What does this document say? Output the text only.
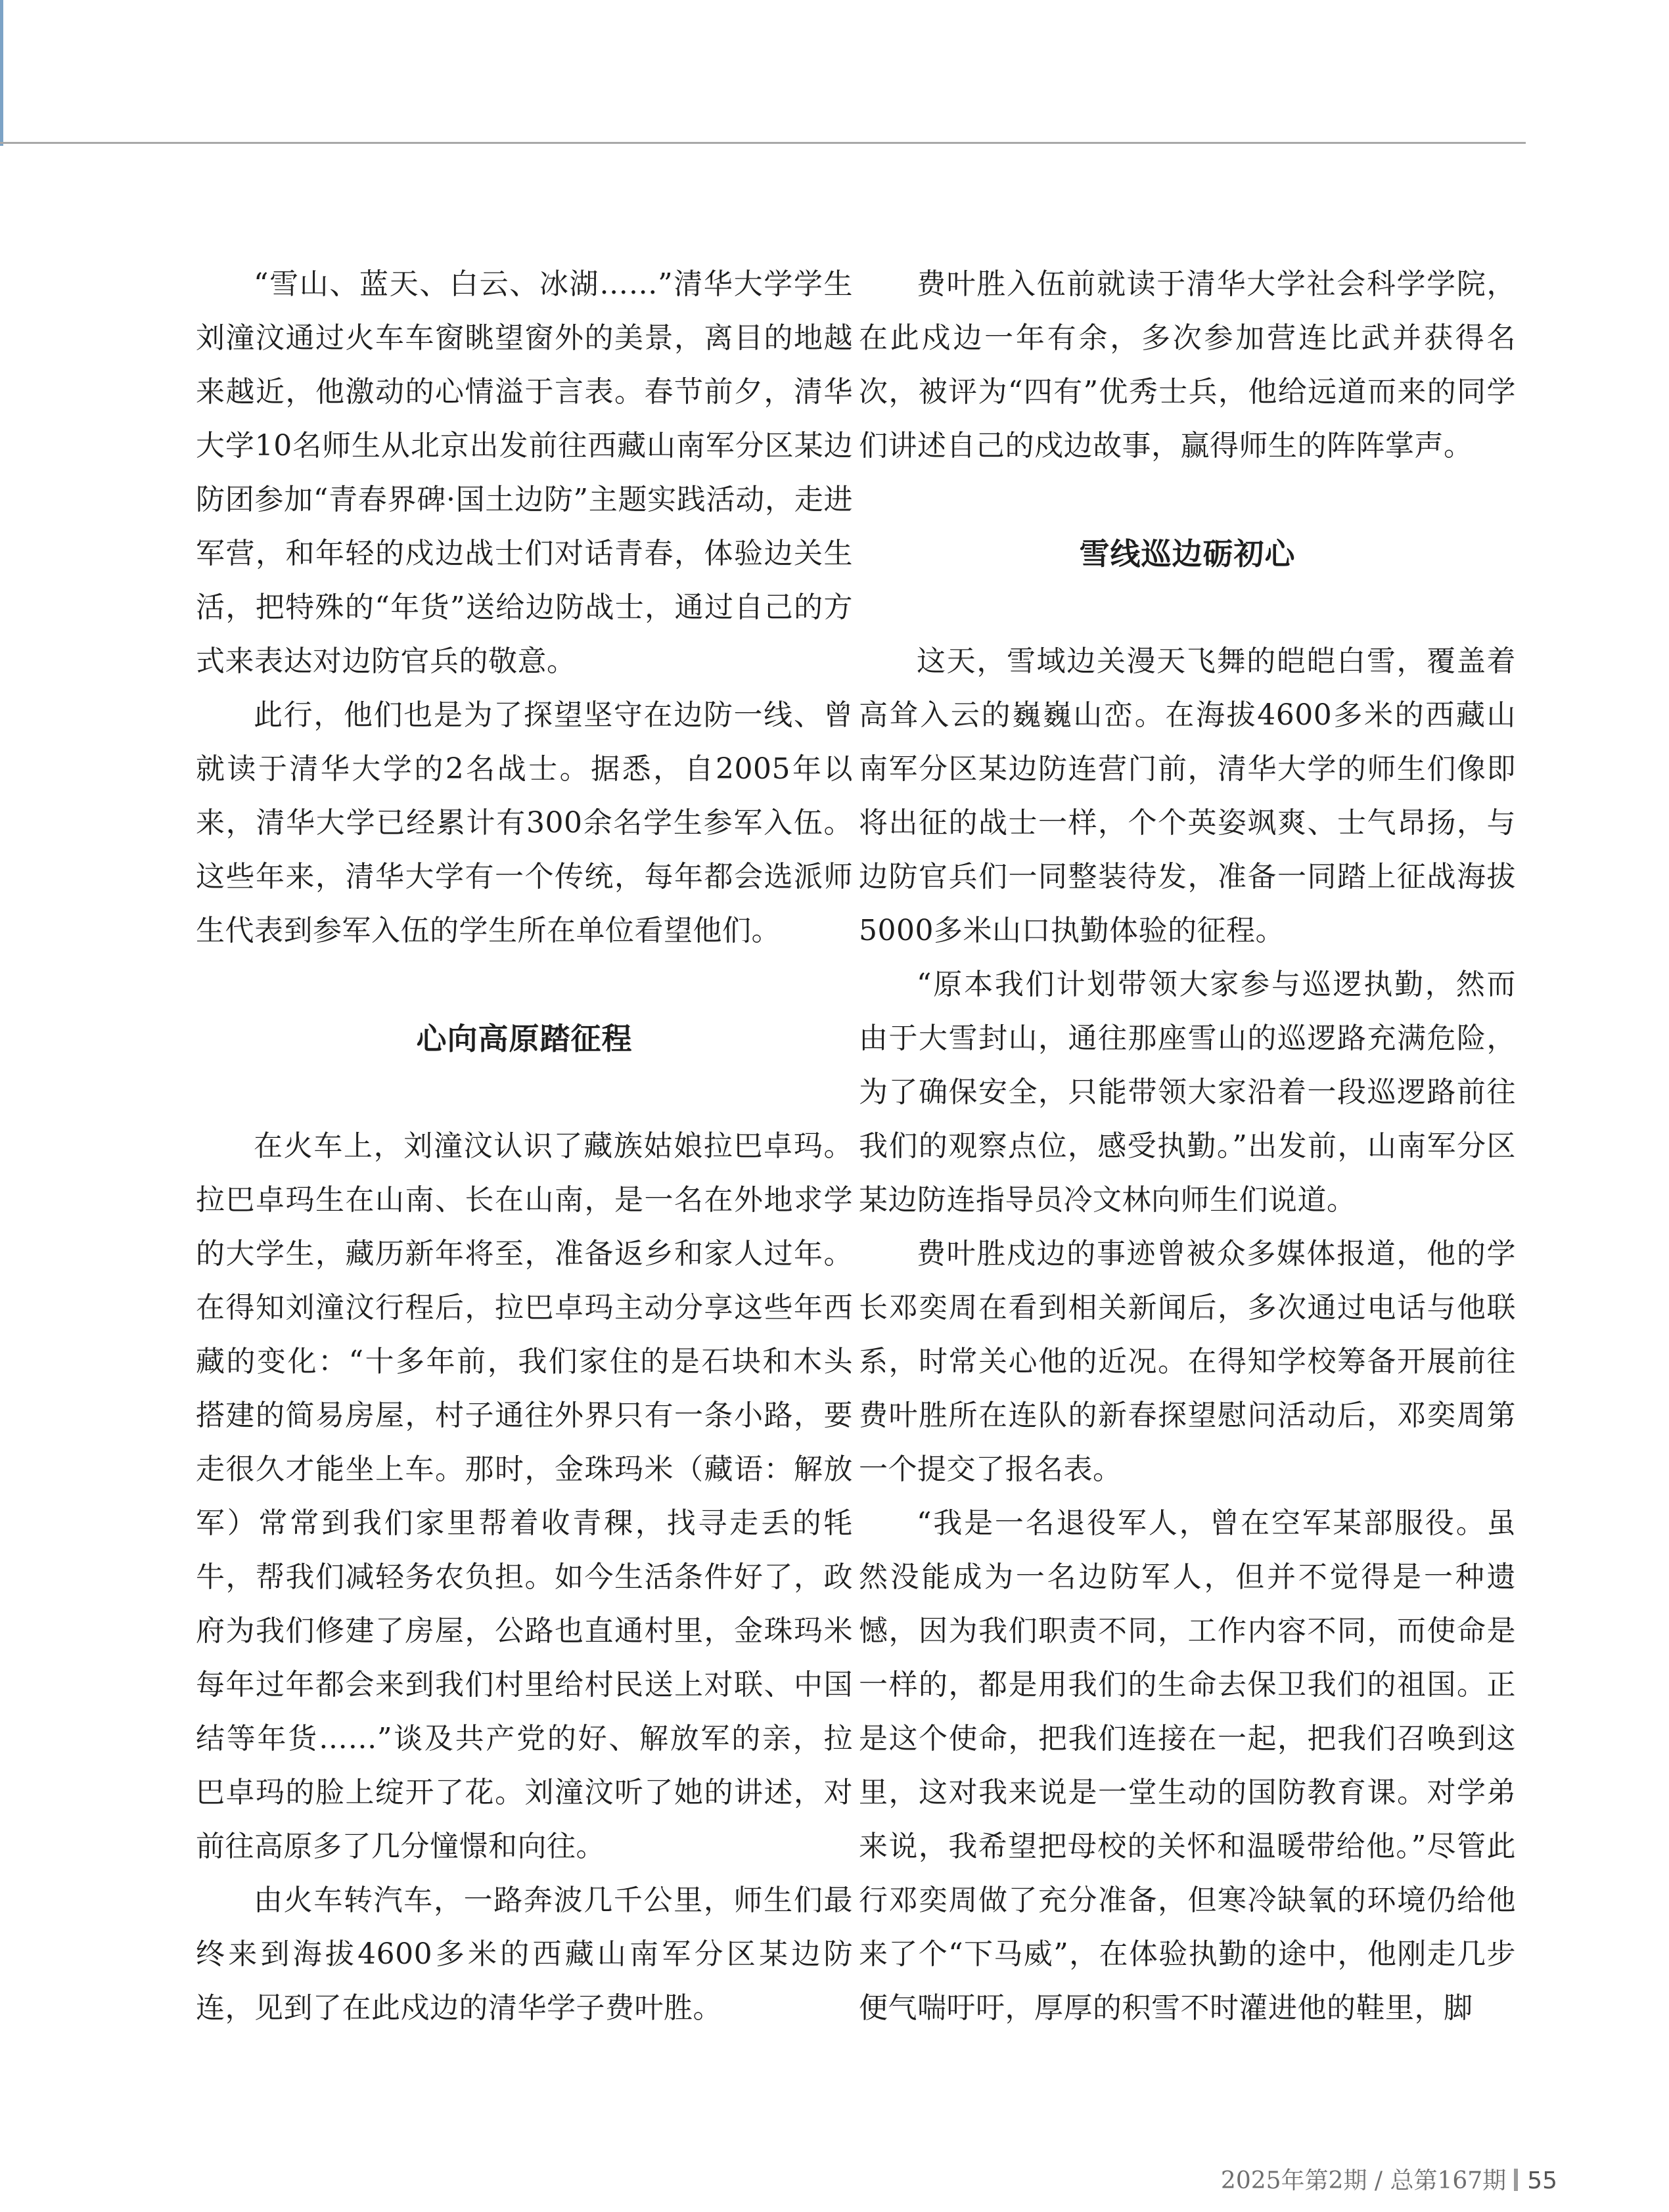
“雪山、蓝天、白云、冰湖……”清华大学学生刘潼汶通过火车车窗眺望窗外的美景，离目的地越来越近，他激动的心情溢于言表。春节前夕，清华大学10名师生从北京出发前往西藏山南军分区某边防团参加“青春界碑·国土边防”主题实践活动，走进军营，和年轻的戍边战士们对话青春，体验边关生活，把特殊的“年货”送给边防战士，通过自己的方式来表达对边防官兵的敬意。

此行，他们也是为了探望坚守在边防一线、曾就读于清华大学的2名战士。据悉，自2005年以来，清华大学已经累计有300余名学生参军入伍。这些年来，清华大学有一个传统，每年都会选派师生代表到参军入伍的学生所在单位看望他们。

心向高原踏征程

在火车上，刘潼汶认识了藏族姑娘拉巴卓玛。拉巴卓玛生在山南、长在山南，是一名在外地求学的大学生，藏历新年将至，准备返乡和家人过年。在得知刘潼汶行程后，拉巴卓玛主动分享这些年西藏的变化：“十多年前，我们家住的是石块和木头搭建的简易房屋，村子通往外界只有一条小路，要走很久才能坐上车。那时，金珠玛米（藏语：解放军）常常到我们家里帮着收青稞，找寻走丢的牦牛，帮我们减轻务农负担。如今生活条件好了，政府为我们修建了房屋，公路也直通村里，金珠玛米每年过年都会来到我们村里给村民送上对联、中国结等年货……”谈及共产党的好、解放军的亲，拉巴卓玛的脸上绽开了花。刘潼汶听了她的讲述，对前往高原多了几分憧憬和向往。

由火车转汽车，一路奔波几千公里，师生们最终来到海拔4600多米的西藏山南军分区某边防连，见到了在此戍边的清华学子费叶胜。

费叶胜入伍前就读于清华大学社会科学学院，在此戍边一年有余，多次参加营连比武并获得名次，被评为“四有”优秀士兵，他给远道而来的同学们讲述自己的戍边故事，赢得师生的阵阵掌声。

雪线巡边砺初心

这天，雪域边关漫天飞舞的皑皑白雪，覆盖着高耸入云的巍巍山峦。在海拔4600多米的西藏山南军分区某边防连营门前，清华大学的师生们像即将出征的战士一样，个个英姿飒爽、士气昂扬，与边防官兵们一同整装待发，准备一同踏上征战海拔5000多米山口执勤体验的征程。

“原本我们计划带领大家参与巡逻执勤，然而由于大雪封山，通往那座雪山的巡逻路充满危险，为了确保安全，只能带领大家沿着一段巡逻路前往我们的观察点位，感受执勤。”出发前，山南军分区某边防连指导员冷文林向师生们说道。

费叶胜戍边的事迹曾被众多媒体报道，他的学长邓奕周在看到相关新闻后，多次通过电话与他联系，时常关心他的近况。在得知学校筹备开展前往费叶胜所在连队的新春探望慰问活动后，邓奕周第一个提交了报名表。

“我是一名退役军人，曾在空军某部服役。虽然没能成为一名边防军人，但并不觉得是一种遗憾，因为我们职责不同，工作内容不同，而使命是一样的，都是用我们的生命去保卫我们的祖国。正是这个使命，把我们连接在一起，把我们召唤到这里，这对我来说是一堂生动的国防教育课。对学弟来说，我希望把母校的关怀和温暖带给他。”尽管此行邓奕周做了充分准备，但寒冷缺氧的环境仍给他来了个“下马威”，在体验执勤的途中，他刚走几步便气喘吁吁，厚厚的积雪不时灌进他的鞋里，脚

2025年第2期 / 总第167期 55
